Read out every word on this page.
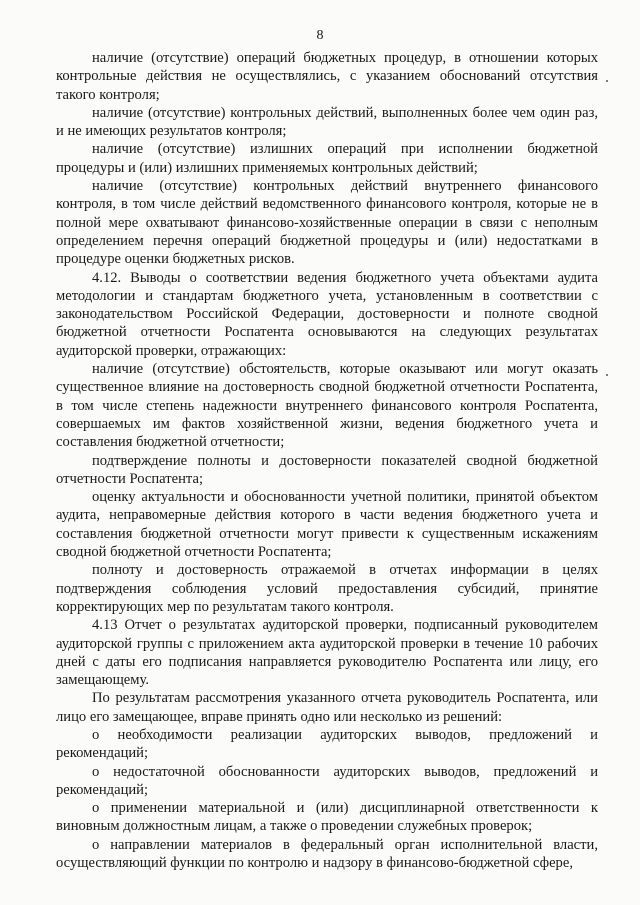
8

наличие (отсутствие) операций бюджетных процедур, в отношении которых контрольные действия не осуществлялись, с указанием обоснований отсутствия такого контроля;

наличие (отсутствие) контрольных действий, выполненных более чем один раз, и не имеющих результатов контроля;

наличие (отсутствие) излишних операций при исполнении бюджетной процедуры и (или) излишних применяемых контрольных действий;

наличие (отсутствие) контрольных действий внутреннего финансового контроля, в том числе действий ведомственного финансового контроля, которые не в полной мере охватывают финансово-хозяйственные операции в связи с неполным определением перечня операций бюджетной процедуры и (или) недостатками в процедуре оценки бюджетных рисков.

4.12. Выводы о соответствии ведения бюджетного учета объектами аудита методологии и стандартам бюджетного учета, установленным в соответствии с законодательством Российской Федерации, достоверности и полноте сводной бюджетной отчетности Роспатента основываются на следующих результатах аудиторской проверки, отражающих:

наличие (отсутствие) обстоятельств, которые оказывают или могут оказать существенное влияние на достоверность сводной бюджетной отчетности Роспатента, в том числе степень надежности внутреннего финансового контроля Роспатента, совершаемых им фактов хозяйственной жизни, ведения бюджетного учета и составления бюджетной отчетности;

подтверждение полноты и достоверности показателей сводной бюджетной отчетности Роспатента;

оценку актуальности и обоснованности учетной политики, принятой объектом аудита, неправомерные действия которого в части ведения бюджетного учета и составления бюджетной отчетности могут привести к существенным искажениям сводной бюджетной отчетности Роспатента;

полноту и достоверность отражаемой в отчетах информации в целях подтверждения соблюдения условий предоставления субсидий, принятие корректирующих мер по результатам такого контроля.

4.13 Отчет о результатах аудиторской проверки, подписанный руководителем аудиторской группы с приложением акта аудиторской проверки в течение 10 рабочих дней с даты его подписания направляется руководителю Роспатента или лицу, его замещающему.

По результатам рассмотрения указанного отчета руководитель Роспатента, или лицо его замещающее, вправе принять одно или несколько из решений:

о необходимости реализации аудиторских выводов, предложений и рекомендаций;

о недостаточной обоснованности аудиторских выводов, предложений и рекомендаций;

о применении материальной и (или) дисциплинарной ответственности к виновным должностным лицам, а также о проведении служебных проверок;

о направлении материалов в федеральный орган исполнительной власти, осуществляющий функции по контролю и надзору в финансово-бюджетной сфере,
